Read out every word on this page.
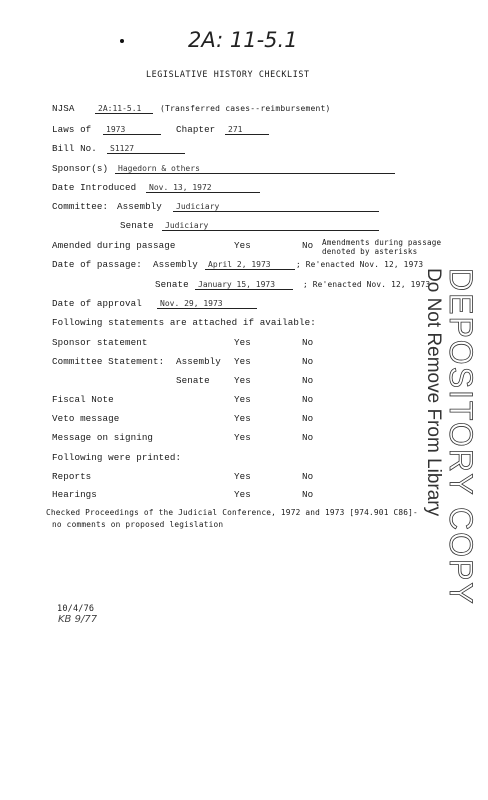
2A: 11-5.1
LEGISLATIVE HISTORY CHECKLIST
NJSA	2A:11-5.1	(Transferred cases--reimbursement)
Laws of	1973	Chapter	271
Bill No.	S1127
Sponsor(s)	Hagedorn & others
Date Introduced	Nov. 13, 1972
Committee: Assembly	Judiciary
Senate	Judiciary
Amended during passage	Yes	No Amendments during passage
denoted by asterisks
Date of passage: Assembly	April 2, 1973	; Re'enacted Nov. 12, 1973
Senate	January 15, 1973	; Re'enacted Nov. 12, 1973
Date of approval	Nov. 29, 1973
Following statements are attached if available:
Sponsor statement	Yes	No
Committee Statement: Assembly Yes	No
Senate	Yes	No
Fiscal Note	Yes	No
Veto message	Yes	No
Message on signing	Yes	No
Following were printed:
Reports	Yes	No
Hearings	Yes	No
Checked Proceedings of the Judicial Conference, 1972 and 1973 [974.901 C86]-
no comments on proposed legislation	DEPOSITORY COPY
Do Not Remove From Library
10/4/76
KB 9/77
